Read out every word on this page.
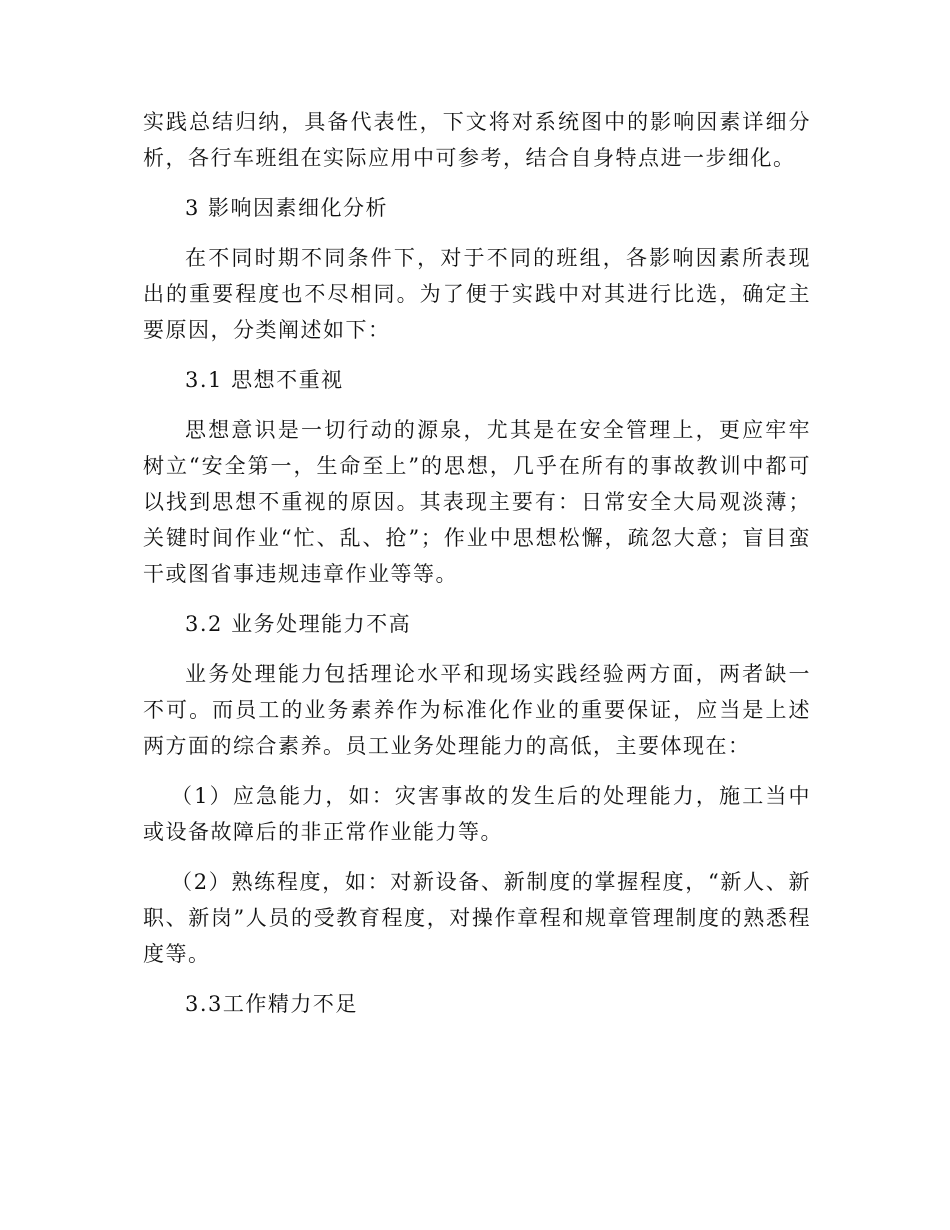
实践总结归纳，具备代表性，下文将对系统图中的影响因素详细分析，各行车班组在实际应用中可参考，结合自身特点进一步细化。

3 影响因素细化分析

在不同时期不同条件下，对于不同的班组，各影响因素所表现出的重要程度也不尽相同。为了便于实践中对其进行比选，确定主要原因，分类阐述如下：

3.1 思想不重视

思想意识是一切行动的源泉，尤其是在安全管理上，更应牢牢树立“安全第一，生命至上”的思想，几乎在所有的事故教训中都可以找到思想不重视的原因。其表现主要有：日常安全大局观淡薄；关键时间作业“忙、乱、抢”；作业中思想松懈，疏忽大意；盲目蛮干或图省事违规违章作业等等。

3.2 业务处理能力不高

业务处理能力包括理论水平和现场实践经验两方面，两者缺一不可。而员工的业务素养作为标准化作业的重要保证，应当是上述两方面的综合素养。员工业务处理能力的高低，主要体现在：

（1）应急能力，如：灾害事故的发生后的处理能力，施工当中或设备故障后的非正常作业能力等。

（2）熟练程度，如：对新设备、新制度的掌握程度，“新人、新职、新岗”人员的受教育程度，对操作章程和规章管理制度的熟悉程度等。

3.3工作精力不足
